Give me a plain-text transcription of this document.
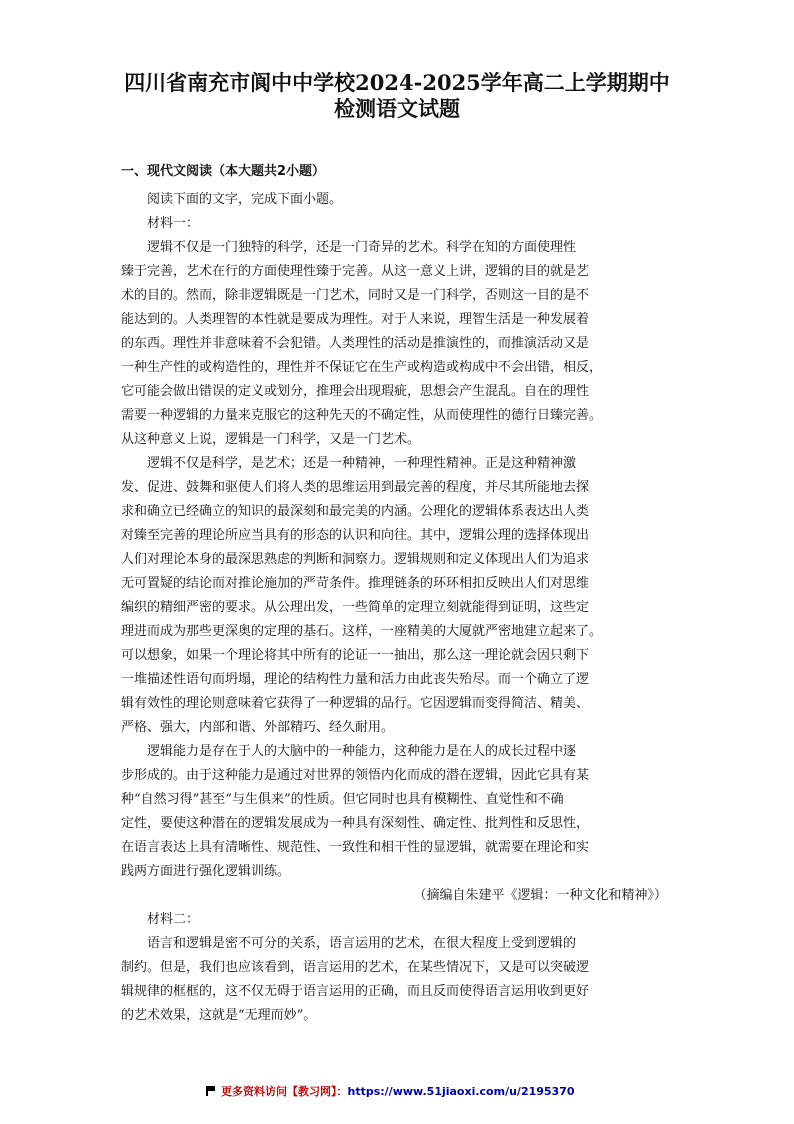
四川省南充市阆中中学校2024-2025学年高二上学期期中
检测语文试题
一、现代文阅读（本大题共2小题）
阅读下面的文字，完成下面小题。
材料一：
逻辑不仅是一门独特的科学，还是一门奇异的艺术。科学在知的方面使理性
臻于完善，艺术在行的方面使理性臻于完善。从这一意义上讲，逻辑的目的就是艺
术的目的。然而，除非逻辑既是一门艺术，同时又是一门科学，否则这一目的是不
能达到的。人类理智的本性就是要成为理性。对于人来说，理智生活是一种发展着
的东西。理性并非意味着不会犯错。人类理性的活动是推演性的，而推演活动又是
一种生产性的或构造性的，理性并不保证它在生产或构造或构成中不会出错，相反，
它可能会做出错误的定义或划分，推理会出现瑕疵，思想会产生混乱。自在的理性
需要一种逻辑的力量来克服它的这种先天的不确定性，从而使理性的德行日臻完善。
从这种意义上说，逻辑是一门科学，又是一门艺术。
逻辑不仅是科学，是艺术；还是一种精神，一种理性精神。正是这种精神激
发、促进、鼓舞和驱使人们将人类的思维运用到最完善的程度，并尽其所能地去探
求和确立已经确立的知识的最深刻和最完美的内涵。公理化的逻辑体系表达出人类
对臻至完善的理论所应当具有的形态的认识和向往。其中，逻辑公理的选择体现出
人们对理论本身的最深思熟虑的判断和洞察力。逻辑规则和定义体现出人们为追求
无可置疑的结论而对推论施加的严苛条件。推理链条的环环相扣反映出人们对思维
编织的精细严密的要求。从公理出发，一些简单的定理立刻就能得到证明，这些定
理进而成为那些更深奥的定理的基石。这样，一座精美的大厦就严密地建立起来了。
可以想象，如果一个理论将其中所有的论证一一抽出，那么这一理论就会因只剩下
一堆描述性语句而坍塌，理论的结构性力量和活力由此丧失殆尽。而一个确立了逻
辑有效性的理论则意味着它获得了一种逻辑的品行。它因逻辑而变得简洁、精美、
严格、强大，内部和谐、外部精巧、经久耐用。
逻辑能力是存在于人的大脑中的一种能力，这种能力是在人的成长过程中逐
步形成的。由于这种能力是通过对世界的领悟内化而成的潜在逻辑，因此它具有某
种“自然习得”甚至“与生俱来”的性质。但它同时也具有模糊性、直觉性和不确
定性，要使这种潜在的逻辑发展成为一种具有深刻性、确定性、批判性和反思性，
在语言表达上具有清晰性、规范性、一致性和相干性的显逻辑，就需要在理论和实
践两方面进行强化逻辑训练。
（摘编自朱建平《逻辑：一种文化和精神》）
材料二：
语言和逻辑是密不可分的关系，语言运用的艺术，在很大程度上受到逻辑的
制约。但是，我们也应该看到，语言运用的艺术，在某些情况下，又是可以突破逻
辑规律的框框的，这不仅无碍于语言运用的正确，而且反而使得语言运用收到更好
的艺术效果，这就是“无理而妙”。
更多资料访问【教习网】：https://www.51jiaoxi.com/u/2195370
